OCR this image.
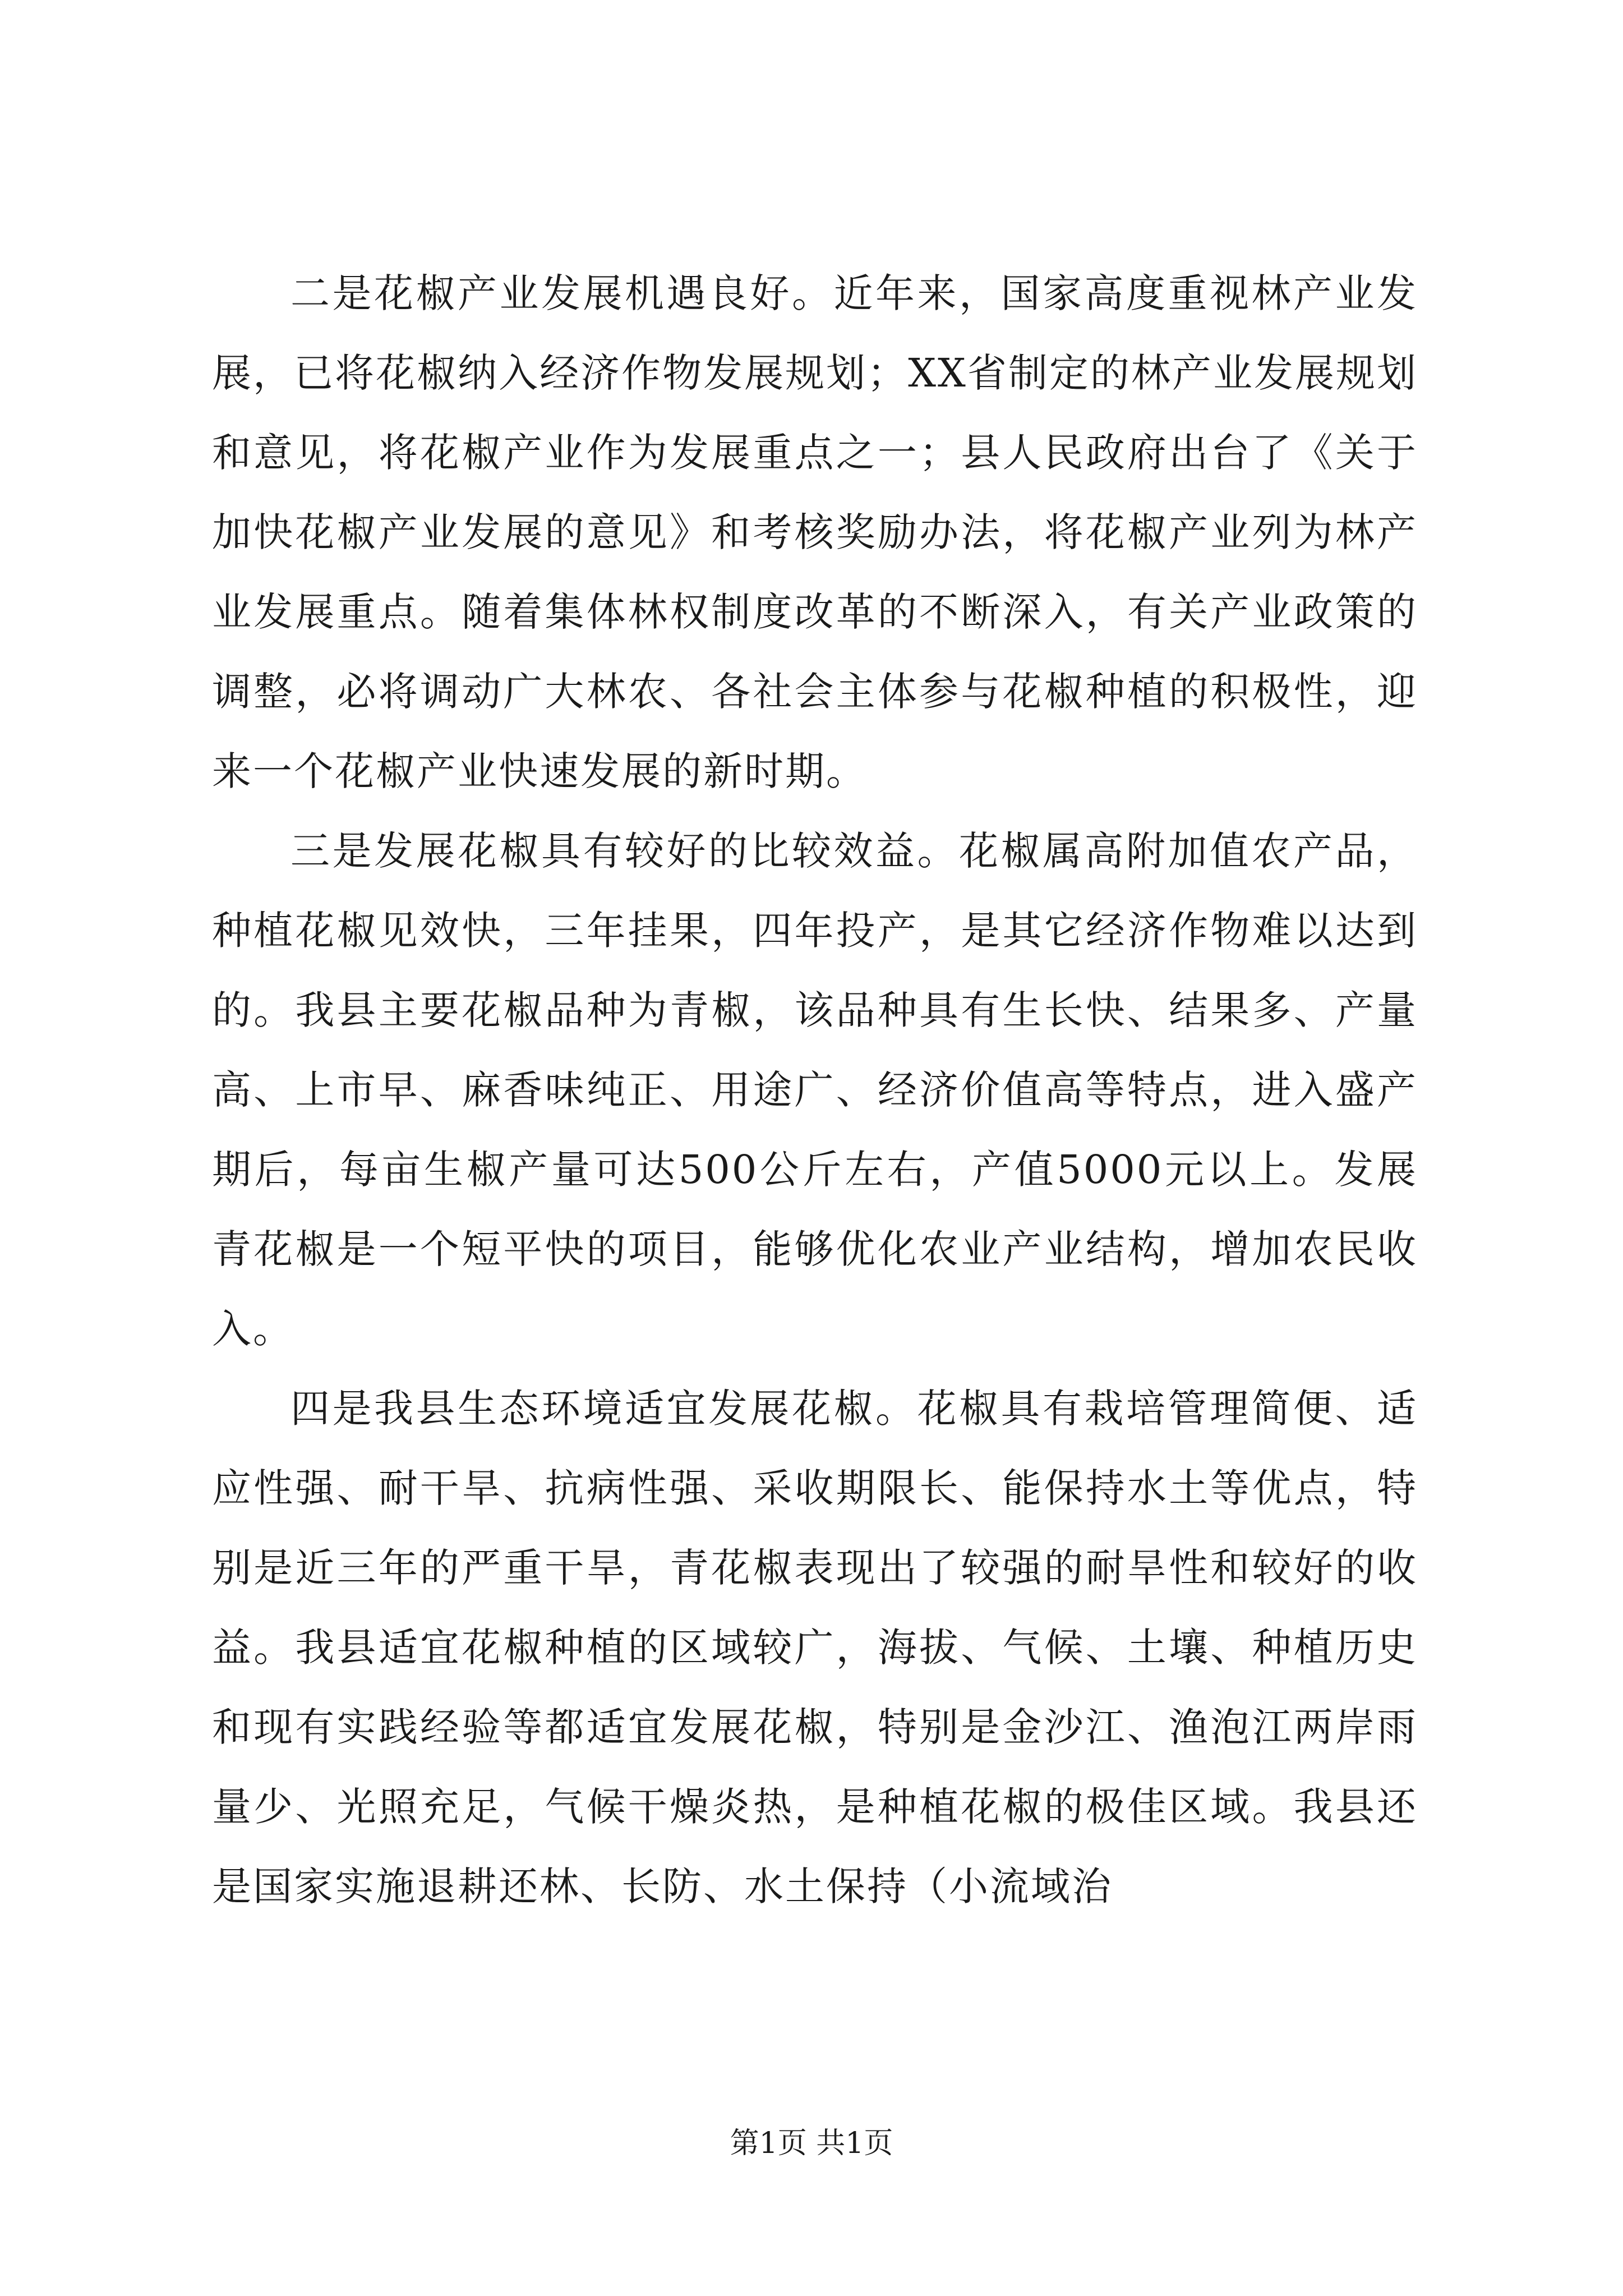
二是花椒产业发展机遇良好。近年来，国家高度重视林产业发展，已将花椒纳入经济作物发展规划；XX省制定的林产业发展规划和意见，将花椒产业作为发展重点之一；县人民政府出台了《关于加快花椒产业发展的意见》和考核奖励办法，将花椒产业列为林产业发展重点。随着集体林权制度改革的不断深入，有关产业政策的调整，必将调动广大林农、各社会主体参与花椒种植的积极性，迎来一个花椒产业快速发展的新时期。

三是发展花椒具有较好的比较效益。花椒属高附加值农产品，种植花椒见效快，三年挂果，四年投产，是其它经济作物难以达到的。我县主要花椒品种为青椒，该品种具有生长快、结果多、产量高、上市早、麻香味纯正、用途广、经济价值高等特点，进入盛产期后，每亩生椒产量可达500公斤左右，产值5000元以上。发展青花椒是一个短平快的项目，能够优化农业产业结构，增加农民收入。

四是我县生态环境适宜发展花椒。花椒具有栽培管理简便、适应性强、耐干旱、抗病性强、采收期限长、能保持水土等优点，特别是近三年的严重干旱，青花椒表现出了较强的耐旱性和较好的收益。我县适宜花椒种植的区域较广，海拔、气候、土壤、种植历史和现有实践经验等都适宜发展花椒，特别是金沙江、渔泡江两岸雨量少、光照充足，气候干燥炎热，是种植花椒的极佳区域。我县还是国家实施退耕还林、长防、水土保持（小流域治

第1页 共1页
